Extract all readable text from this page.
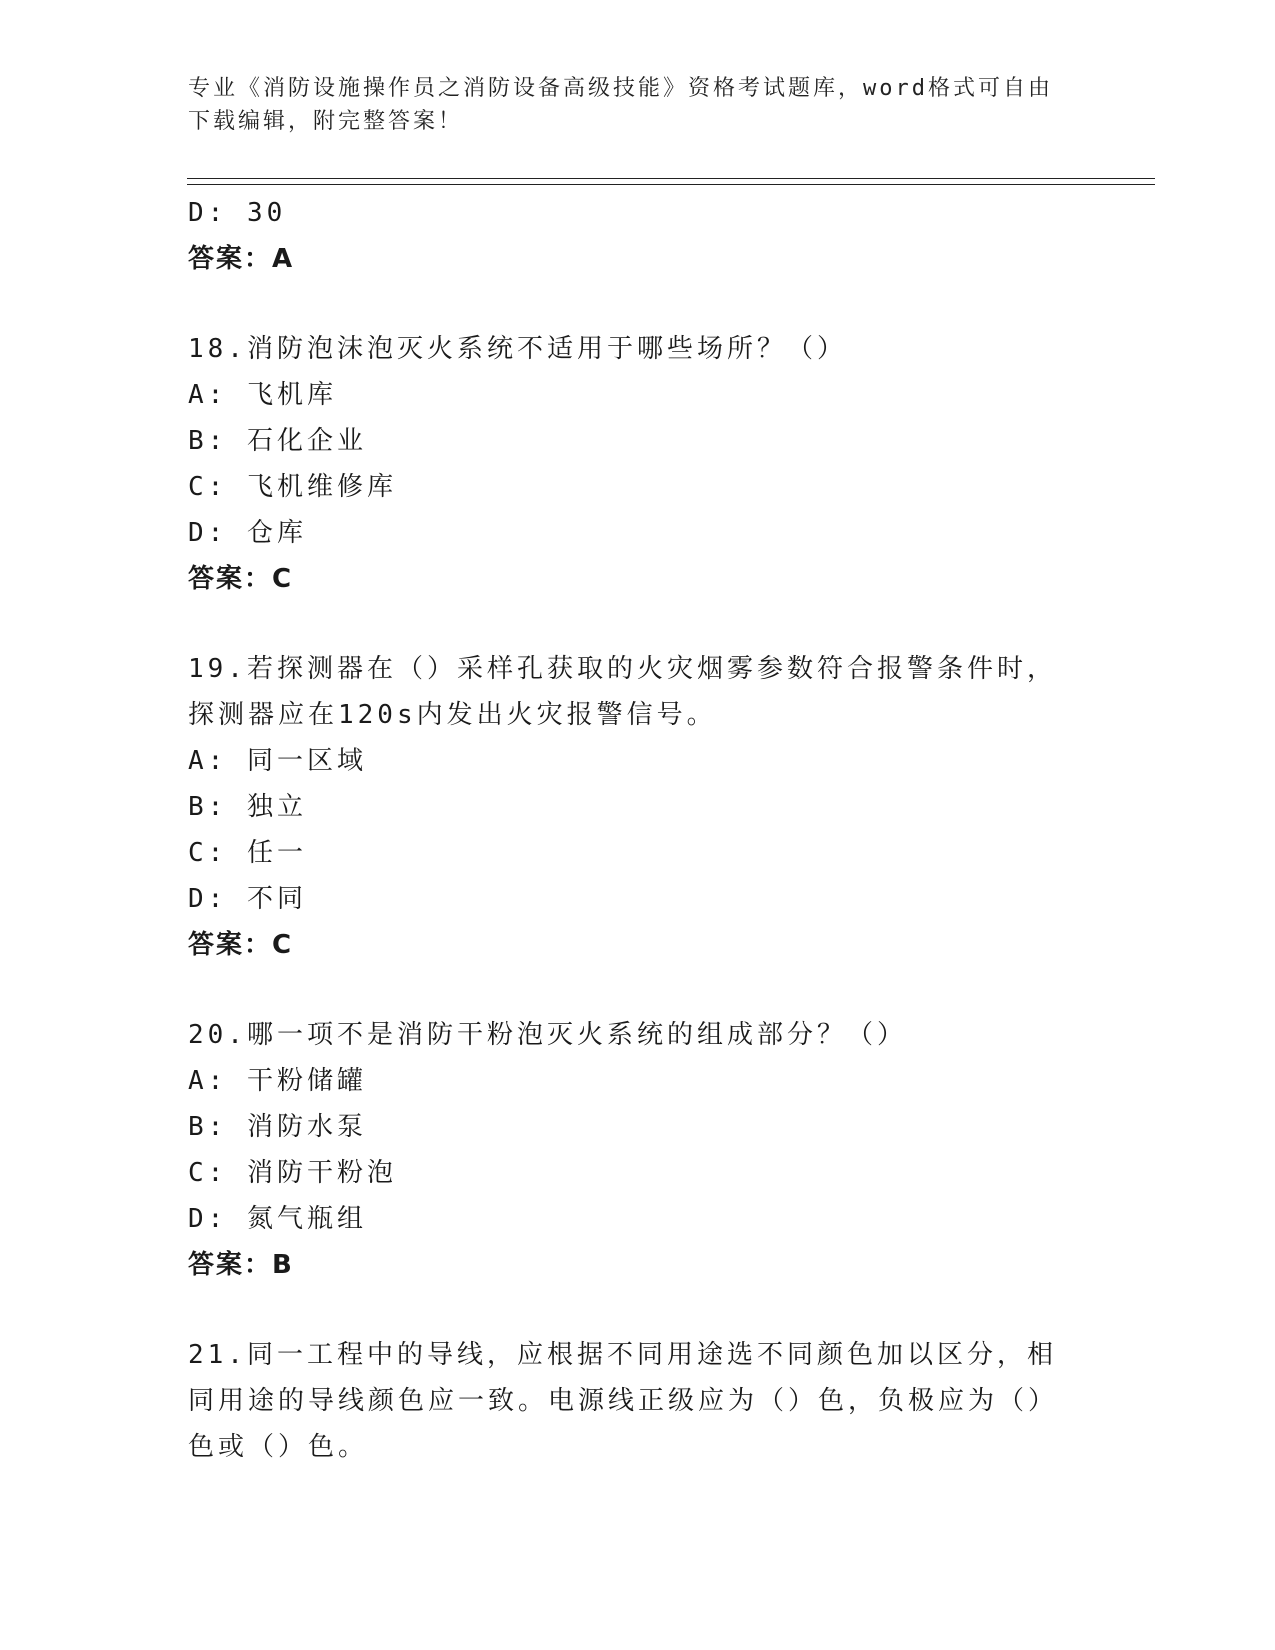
专业《消防设施操作员之消防设备高级技能》资格考试题库，word格式可自由下载编辑，附完整答案！
D: 30
答案：A
18.消防泡沫泡灭火系统不适用于哪些场所？（）
A: 飞机库
B: 石化企业
C: 飞机维修库
D: 仓库
答案：C
19.若探测器在（）采样孔获取的火灾烟雾参数符合报警条件时，探测器应在120s内发出火灾报警信号。
A: 同一区域
B: 独立
C: 任一
D: 不同
答案：C
20.哪一项不是消防干粉泡灭火系统的组成部分？（）
A: 干粉储罐
B: 消防水泵
C: 消防干粉泡
D: 氮气瓶组
答案：B
21.同一工程中的导线，应根据不同用途选不同颜色加以区分，相同用途的导线颜色应一致。电源线正级应为（）色，负极应为（）色或（）色。
